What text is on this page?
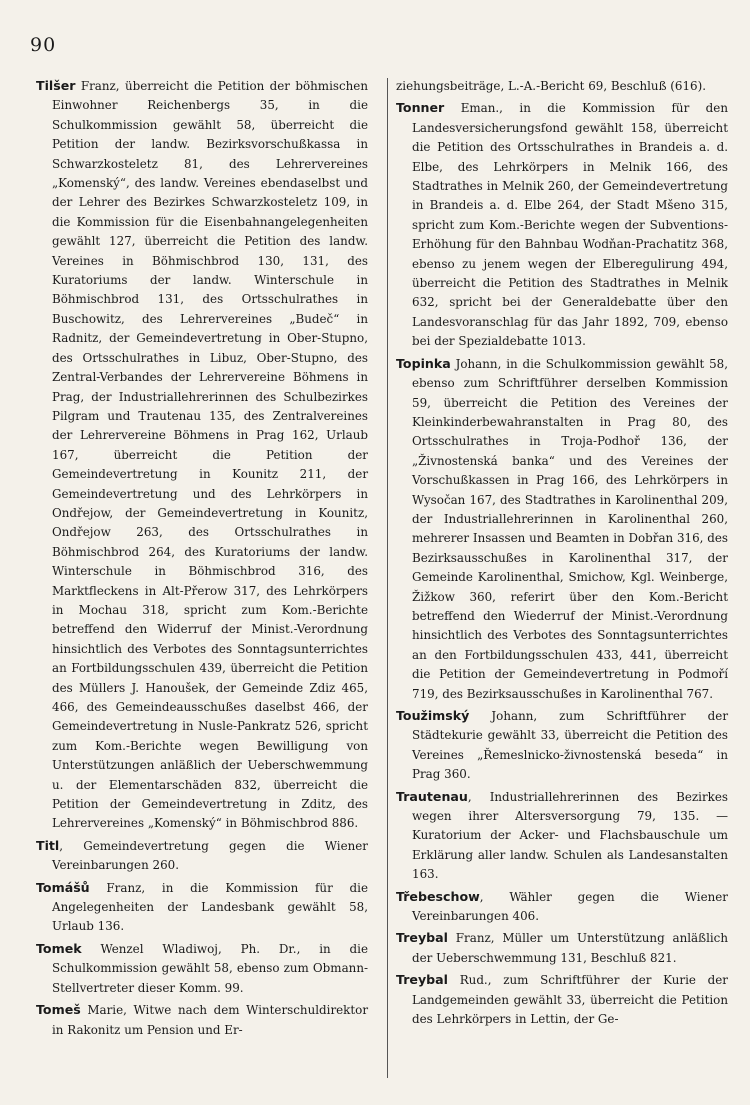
90

Tilšer Franz, überreicht die Petition der böhmischen Einwohner Reichenbergs 35, in die Schulkommission gewählt 58, überreicht die Petition der landw. Bezirksvorschußkassa in Schwarzkosteletz 81, des Lehrervereines „Komenský“, des landw. Vereines ebendaselbst und der Lehrer des Bezirkes Schwarzkosteletz 109, in die Kommission für die Eisenbahnangelegenheiten gewählt 127, überreicht die Petition des landw. Vereines in Böhmischbrod 130, 131, des Kuratoriums der landw. Winterschule in Böhmischbrod 131, des Ortsschulrathes in Buschowitz, des Lehrervereines „Budeč“ in Radnitz, der Gemeindevertretung in Ober-Stupno, des Ortsschulrathes in Libuz, Ober-Stupno, des Zentral-Verbandes der Lehrervereine Böhmens in Prag, der Industriallehrerinnen des Schulbezirkes Pilgram und Trautenau 135, des Zentralvereines der Lehrervereine Böhmens in Prag 162, Urlaub 167, überreicht die Petition der Gemeindevertretung in Kounitz 211, der Gemeindevertretung und des Lehrkörpers in Ondřejow, der Gemeindevertretung in Kounitz, Ondřejow 263, des Ortsschulrathes in Böhmischbrod 264, des Kuratoriums der landw. Winterschule in Böhmischbrod 316, des Marktfleckens in Alt-Přerow 317, des Lehrkörpers in Mochau 318, spricht zum Kom.-Berichte betreffend den Widerruf der Minist.-Verordnung hinsichtlich des Verbotes des Sonntagsunterrichtes an Fortbildungsschulen 439, überreicht die Petition des Müllers J. Hanoušek, der Gemeinde Zdiz 465, 466, des Gemeindeausschußes daselbst 466, der Gemeindevertretung in Nusle-Pankratz 526, spricht zum Kom.-Berichte wegen Bewilligung von Unterstützungen anläßlich der Ueberschwemmung u. der Elementarschäden 832, überreicht die Petition der Gemeindevertretung in Zditz, des Lehrervereines „Komenský“ in Böhmischbrod 886.

Titl, Gemeindevertretung gegen die Wiener Vereinbarungen 260.

Tomášů Franz, in die Kommission für die Angelegenheiten der Landesbank gewählt 58, Urlaub 136.

Tomek Wenzel Wladiwoj, Ph. Dr., in die Schulkommission gewählt 58, ebenso zum Obmann-Stellvertreter dieser Komm. 99.

Tomeš Marie, Witwe nach dem Winterschuldirektor in Rakonitz um Pension und Er-

ziehungsbeiträge, L.-A.-Bericht 69, Beschluß (616).

Tonner Eman., in die Kommission für den Landesversicherungsfond gewählt 158, überreicht die Petition des Ortsschulrathes in Brandeis a. d. Elbe, des Lehrkörpers in Melnik 166, des Stadtrathes in Melnik 260, der Gemeindevertretung in Brandeis a. d. Elbe 264, der Stadt Mšeno 315, spricht zum Kom.-Berichte wegen der Subventions-Erhöhung für den Bahnbau Wodňan-Prachatitz 368, ebenso zu jenem wegen der Elberegulirung 494, überreicht die Petition des Stadtrathes in Melnik 632, spricht bei der Generaldebatte über den Landesvoranschlag für das Jahr 1892, 709, ebenso bei der Spezialdebatte 1013.

Topinka Johann, in die Schulkommission gewählt 58, ebenso zum Schriftführer derselben Kommission 59, überreicht die Petition des Vereines der Kleinkinderbewahranstalten in Prag 80, des Ortsschulrathes in Troja-Podhoř 136, der „Živnostenská banka“ und des Vereines der Vorschußkassen in Prag 166, des Lehrkörpers in Wysočan 167, des Stadtrathes in Karolinenthal 209, der Industriallehrerinnen in Karolinenthal 260, mehrerer Insassen und Beamten in Dobřan 316, des Bezirksausschußes in Karolinenthal 317, der Gemeinde Karolinenthal, Smichow, Kgl. Weinberge, Žižkow 360, referirt über den Kom.-Bericht betreffend den Wiederruf der Minist.-Verordnung hinsichtlich des Verbotes des Sonntagsunterrichtes an den Fortbildungsschulen 433, 441, überreicht die Petition der Gemeindevertretung in Podmoří 719, des Bezirksausschußes in Karolinenthal 767.

Toužimský Johann, zum Schriftführer der Städtekurie gewählt 33, überreicht die Petition des Vereines „Řemeslnicko-živnostenská beseda“ in Prag 360.

Trautenau, Industriallehrerinnen des Bezirkes wegen ihrer Altersversorgung 79, 135. — Kuratorium der Acker- und Flachsbauschule um Erklärung aller landw. Schulen als Landesanstalten 163.

Třebeschow, Wähler gegen die Wiener Vereinbarungen 406.

Treybal Franz, Müller um Unterstützung anläßlich der Ueberschwemmung 131, Beschluß 821.

Treybal Rud., zum Schriftführer der Kurie der Landgemeinden gewählt 33, überreicht die Petition des Lehrkörpers in Lettin, der Ge-
